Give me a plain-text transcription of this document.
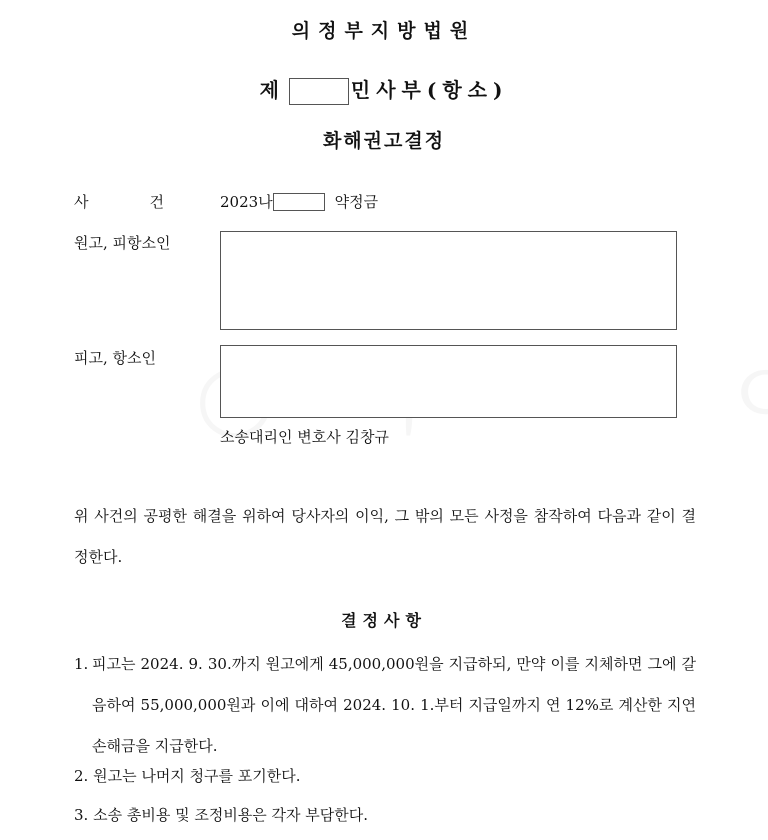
의정부지방법원
제	민사부(항소)
화해권고결정
사	건	2023나	약정금
원고, 피항소인
피고, 항소인
소송대리인 변호사 김창규
위 사건의 공평한 해결을 위하여 당사자의 이익, 그 밖의 모든 사정을 참작하여 다음과 같이 결정한다.
결정사항
1. 피고는 2024. 9. 30.까지 원고에게 45,000,000원을 지급하되, 만약 이를 지체하면 그에 갈음하여 55,000,000원과 이에 대하여 2024. 10. 1.부터 지급일까지 연 12%로 계산한 지연손해금을 지급한다.
2. 원고는 나머지 청구를 포기한다.
3. 소송 총비용 및 조정비용은 각자 부담한다.
